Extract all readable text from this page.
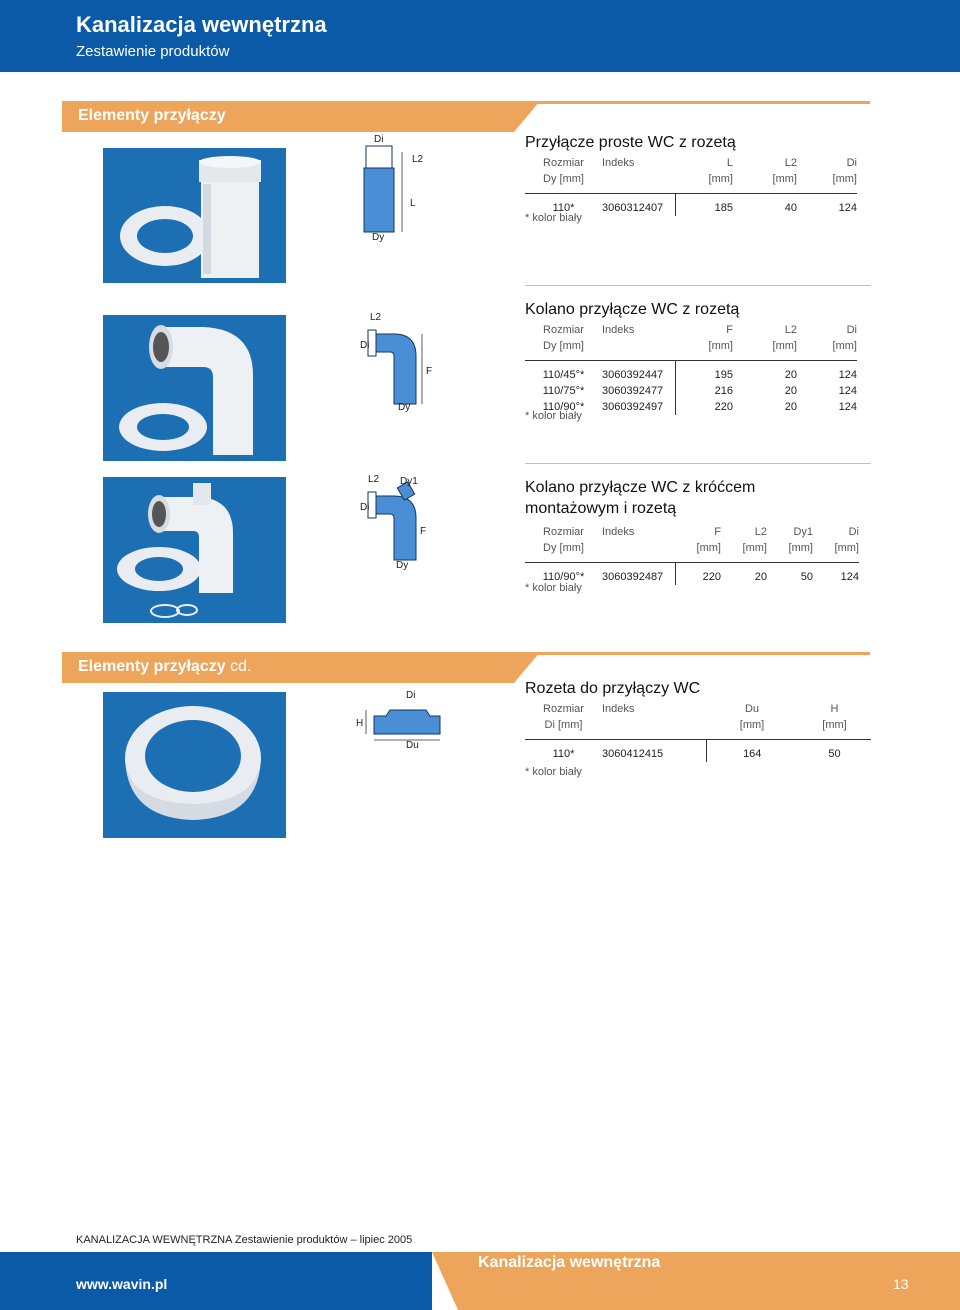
Kanalizacja wewnętrzna
Zestawienie produktów
Elementy przyłączy
Di
L2
L
Dy
Przyłącze proste WC z rozetą
Rozmiar	Indeks	L	L2	Di
Dy [mm]		[mm]	[mm]	[mm]

110*	3060312407	185	40	124
* kolor biały
L2
Di
F
Dy
Kolano przyłącze WC z rozetą
Rozmiar	Indeks	F	L2	Di
Dy [mm]		[mm]	[mm]	[mm]

110/45°*	3060392447	195	20	124
110/75°*	3060392477	216	20	124
110/90°*	3060392497	220	20	124
* kolor biały
L2 Dy1
Di
F
Dy
Kolano przyłącze WC z króćcem
montażowym i rozetą
Rozmiar	Indeks	F	L2	Dy1	Di
Dy [mm]		[mm]	[mm]	[mm]	[mm]

110/90°*	3060392487	220	20	50	124
* kolor biały
Elementy przyłączy cd.
Di
H
Du
Rozeta do przyłączy WC
Rozmiar	Indeks	Du	H
Di [mm]		[mm]	[mm]

110*	3060412415	164	50
* kolor biały
KANALIZACJA WEWNĘTRZNA Zestawienie produktów – lipiec 2005
Kanalizacja wewnętrzna
www.wavin.pl	13
